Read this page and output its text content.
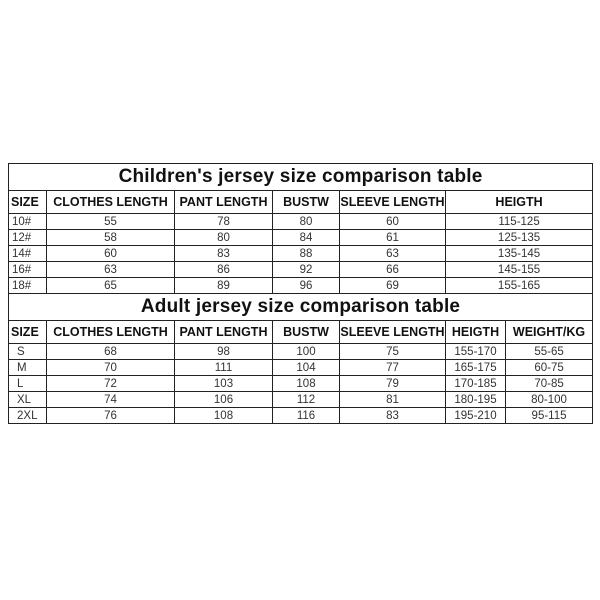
Children's jersey size comparison table						
SIZE	CLOTHES LENGTH	PANT LENGTH	BUSTW	SLEEVE LENGTH	HEIGTH	
10#	55	78	80	60	115-125	
12#	58	80	84	61	125-135	
14#	60	83	88	63	135-145	
16#	63	86	92	66	145-155	
18#	65	89	96	69	155-165	
Adult jersey size comparison table						
SIZE	CLOTHES LENGTH	PANT LENGTH	BUSTW	SLEEVE LENGTH	HEIGTH	WEIGHT/KG
S	68	98	100	75	155-170	55-65
M	70	111	104	77	165-175	60-75
L	72	103	108	79	170-185	70-85
XL	74	106	112	81	180-195	80-100
2XL	76	108	116	83	195-210	95-115
